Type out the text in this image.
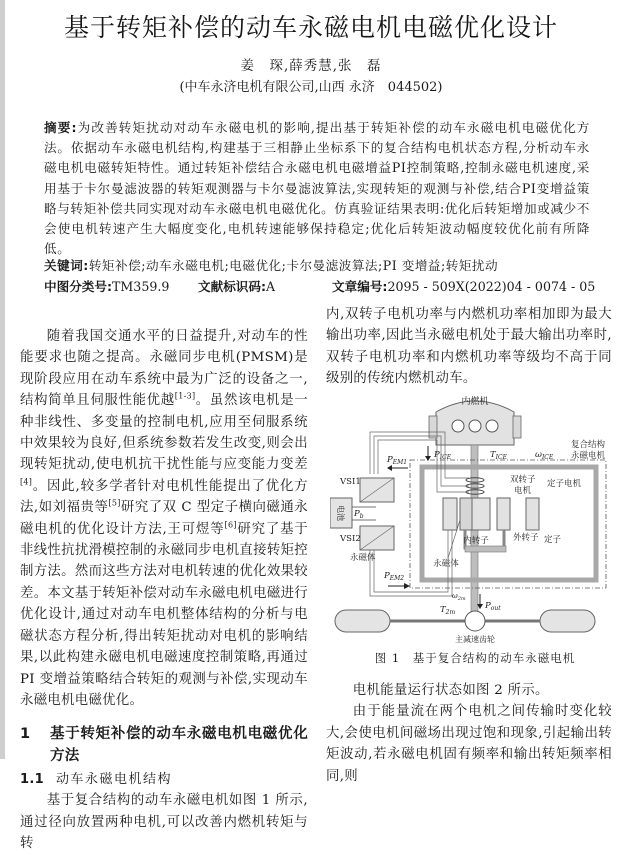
基于转矩补偿的动车永磁电机电磁优化设计
姜　琛,薛秀慧,张　磊
(中车永济电机有限公司,山西 永济　044502)
摘要:为改善转矩扰动对动车永磁电机的影响,提出基于转矩补偿的动车永磁电机电磁优化方法。依据动车永磁电机结构,构建基于三相静止坐标系下的复合结构电机状态方程,分析动车永磁电机电磁转矩特性。通过转矩补偿结合永磁电机电磁增益PI控制策略,控制永磁电机速度,采用基于卡尔曼滤波器的转矩观测器与卡尔曼滤波算法,实现转矩的观测与补偿,结合PI变增益策略与转矩补偿共同实现对动车永磁电机电磁优化。仿真验证结果表明:优化后转矩增加或减少不会使电机转速产生大幅度变化,电机转速能够保持稳定;优化后转矩波动幅度较优化前有所降低。
关键词:转矩补偿;动车永磁电机;电磁优化;卡尔曼滤波算法;PI 变增益;转矩扰动
中图分类号:TM359.9 文献标识码:A	文章编号:2095 - 509X(2022)04 - 0074 - 05
随着我国交通水平的日益提升,对动车的性能要求也随之提高。永磁同步电机(PMSM)是现阶段应用在动车系统中最为广泛的设备之一,结构简单且伺服性能优越[1-3]。虽然该电机是一种非线性、多变量的控制电机,应用至伺服系统中效果较为良好,但系统参数若发生改变,则会出现转矩扰动,使电机抗干扰性能与应变能力变差[4]。因此,较多学者针对电机性能提出了优化方法,如刘福贵等[5]研究了双 C 型定子横向磁通永磁电机的优化设计方法,王可煜等[6]研究了基于非线性抗扰滑模控制的永磁同步电机直接转矩控制方法。然而这些方法对电机转速的优化效果较差。本文基于转矩补偿对动车永磁电机电磁进行优化设计,通过对动车电机整体结构的分析与电磁状态方程分析,得出转矩扰动对电机的影响结果,以此构建永磁电机电磁速度控制策略,再通过 PI 变增益策略结合转矩的观测与补偿,实现动车永磁电机电磁优化。
1	基于转矩补偿的动车永磁电机电磁优化方法
1.1 动车永磁电机结构
基于复合结构的动车永磁电机如图 1 所示,通过径向放置两种电机,可以改善内燃机转矩与转
内,双转子电机功率与内燃机功率相加即为最大输出功率,因此当永磁电机处于最大输出功率时,双转子电机功率和内燃机功率等级均不高于同级别的传统内燃机动车。
内燃机
复合结构
永磁电机
双转子
电机
定子电机
内转子	外转子 定子
永磁体
$P_{ICE}$	$T_{ICE}$	$\omega_{ICE}$
VSI1
$P_{EM1}$
电池 $P_b$
VSI2
永磁体
$P_{EM2}$
主减速齿轮
$T_{2m}$
$\omega_{2m}$
$P_{out}$
图 1　基于复合结构的动车永磁电机
电机能量运行状态如图 2 所示。
由于能量流在两个电机之间传输时变化较大,会使电机间磁场出现过饱和现象,引起输出转矩波动,若永磁电机固有频率和输出转矩频率相同,则
